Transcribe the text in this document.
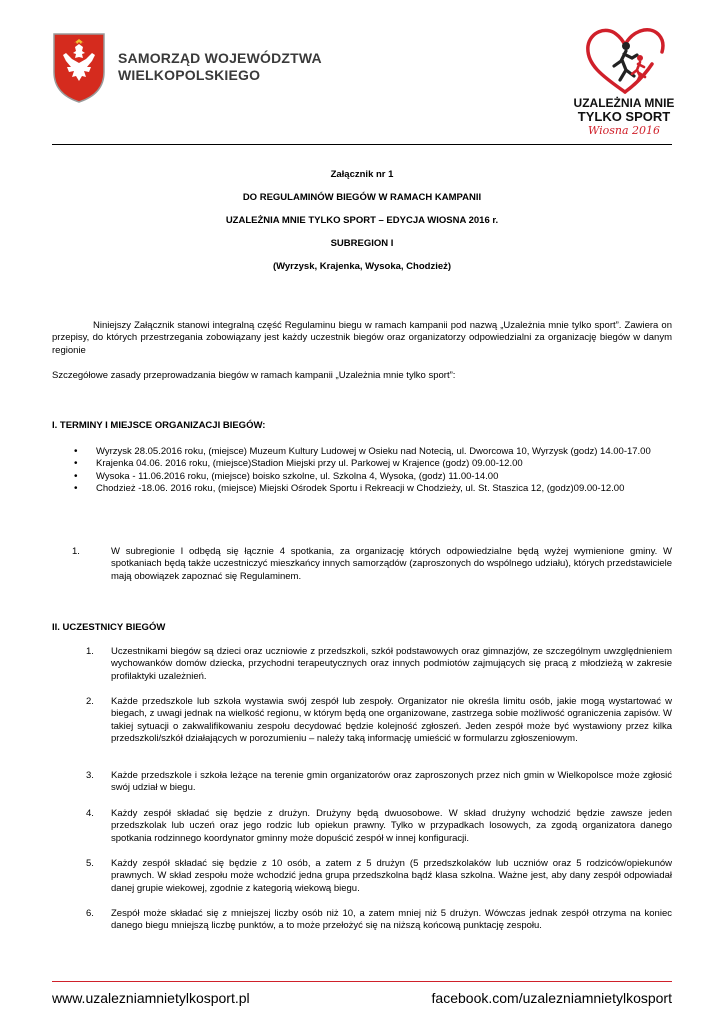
SAMORZĄD WOJEWÓDZTWA
WIELKOPOLSKIEGO
UZALEŻNIA MNIE
TYLKO SPORT
Wiosna 2016
Załącznik nr 1
DO REGULAMINÓW BIEGÓW W RAMACH KAMPANII
UZALEŻNIA MNIE TYLKO SPORT – EDYCJA WIOSNA 2016 r.
SUBREGION I
(Wyrzysk, Krajenka, Wysoka, Chodzież)
Niniejszy Załącznik stanowi integralną część Regulaminu biegu w ramach kampanii pod nazwą „Uzależnia mnie tylko sport”. Zawiera on przepisy, do których przestrzegania zobowiązany jest każdy uczestnik biegów oraz organizatorzy odpowiedzialni za organizację biegów w danym regionie
Szczegółowe zasady przeprowadzania biegów w ramach kampanii „Uzależnia mnie tylko sport”:
I. TERMINY I MIEJSCE ORGANIZACJI BIEGÓW:
• Wyrzysk 28.05.2016 roku, (miejsce) Muzeum Kultury Ludowej w Osieku nad Notecią, ul. Dworcowa 10, Wyrzysk (godz) 14.00-17.00
• Krajenka 04.06. 2016 roku, (miejsce)Stadion Miejski przy ul. Parkowej w Krajence (godz) 09.00-12.00
• Wysoka - 11.06.2016 roku, (miejsce) boisko szkolne, ul. Szkolna 4, Wysoka, (godz) 11.00-14.00
• Chodzież -18.06. 2016 roku, (miejsce) Miejski Ośrodek Sportu i Rekreacji w Chodzieży, ul. St. Staszica 12, (godz)09.00-12.00
1.	W subregionie I odbędą się łącznie 4 spotkania, za organizację których odpowiedzialne będą wyżej wymienione gminy. W spotkaniach będą także uczestniczyć mieszkańcy innych samorządów (zaproszonych do wspólnego udziału), których przedstawiciele mają obowiązek zapoznać się Regulaminem.
II. UCZESTNICY BIEGÓW
1. Uczestnikami biegów są dzieci oraz uczniowie z przedszkoli, szkół podstawowych oraz gimnazjów, ze szczególnym uwzględnieniem wychowanków domów dziecka, przychodni terapeutycznych oraz innych podmiotów zajmujących się pracą z młodzieżą w zakresie profilaktyki uzależnień.
2. Każde przedszkole lub szkoła wystawia swój zespół lub zespoły. Organizator nie określa limitu osób, jakie mogą wystartować w biegach, z uwagi jednak na wielkość regionu, w którym będą one organizowane, zastrzega sobie możliwość ograniczenia zapisów. W takiej sytuacji o zakwalifikowaniu zespołu decydować będzie kolejność zgłoszeń. Jeden zespół może być wystawiony przez kilka przedszkoli/szkół działających w porozumieniu – należy taką informację umieścić w formularzu zgłoszeniowym.
3. Każde przedszkole i szkoła leżące na terenie gmin organizatorów oraz zaproszonych przez nich gmin w Wielkopolsce może zgłosić swój udział w biegu.
4. Każdy zespół składać się będzie z drużyn. Drużyny będą dwuosobowe. W skład drużyny wchodzić będzie zawsze jeden przedszkolak lub uczeń oraz jego rodzic lub opiekun prawny. Tylko w przypadkach losowych, za zgodą organizatora danego spotkania rodzinnego koordynator gminny może dopuścić zespół w innej konfiguracji.
5. Każdy zespół składać się będzie z 10 osób, a zatem z 5 drużyn (5 przedszkolaków lub uczniów oraz 5 rodziców/opiekunów prawnych. W skład zespołu może wchodzić jedna grupa przedszkolna bądź klasa szkolna. Ważne jest, aby dany zespół odpowiadał danej grupie wiekowej, zgodnie z kategorią wiekową biegu.
6. Zespół może składać się z mniejszej liczby osób niż 10, a zatem mniej niż 5 drużyn. Wówczas jednak zespół otrzyma na koniec danego biegu mniejszą liczbę punktów, a to może przełożyć się na niższą końcową punktację zespołu.
www.uzalezniamnietylkosport.pl	facebook.com/uzalezniamnietylkosport
